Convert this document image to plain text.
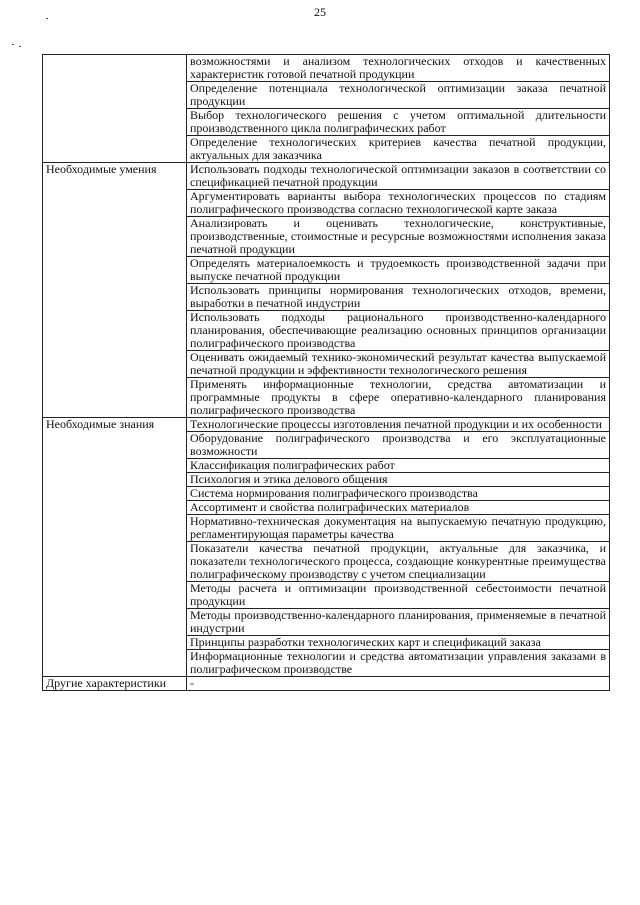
25
	возможностями и анализом технологических отходов и качественных характеристик готовой печатной продукции
	Определение потенциала технологической оптимизации заказа печатной продукции
	Выбор технологического решения с учетом оптимальной длительности производственного цикла полиграфических работ
	Определение технологических критериев качества печатной продукции, актуальных для заказчика
Необходимые умения	Использовать подходы технологической оптимизации заказов в соответствии со спецификацией печатной продукции
	Аргументировать варианты выбора технологических процессов по стадиям полиграфического производства согласно технологической карте заказа
	Анализировать и оценивать технологические, конструктивные, производственные, стоимостные и ресурсные возможностями исполнения заказа печатной продукции
	Определять материалоемкость и трудоемкость производственной задачи при выпуске печатной продукции
	Использовать принципы нормирования технологических отходов, времени, выработки в печатной индустрии
	Использовать подходы рационального производственно-календарного планирования, обеспечивающие реализацию основных принципов организации полиграфического производства
	Оценивать ожидаемый технико-экономический результат качества выпускаемой печатной продукции и эффективности технологического решения
	Применять информационные технологии, средства автоматизации и программные продукты в сфере оперативно-календарного планирования полиграфического производства
Необходимые знания	Технологические процессы изготовления печатной продукции и их особенности
	Оборудование полиграфического производства и его эксплуатационные возможности
	Классификация полиграфических работ
	Психология и этика делового общения
	Система нормирования полиграфического производства
	Ассортимент и свойства полиграфических материалов
	Нормативно-техническая документация на выпускаемую печатную продукцию, регламентирующая параметры качества
	Показатели качества печатной продукции, актуальные для заказчика, и показатели технологического процесса, создающие конкурентные преимущества полиграфическому производству с учетом специализации
	Методы расчета и оптимизации производственной себестоимости печатной продукции
	Методы производственно-календарного планирования, применяемые в печатной индустрии
	Принципы разработки технологических карт и спецификаций заказа
	Информационные технологии и средства автоматизации управления заказами в полиграфическом производстве
Другие характеристики	-
